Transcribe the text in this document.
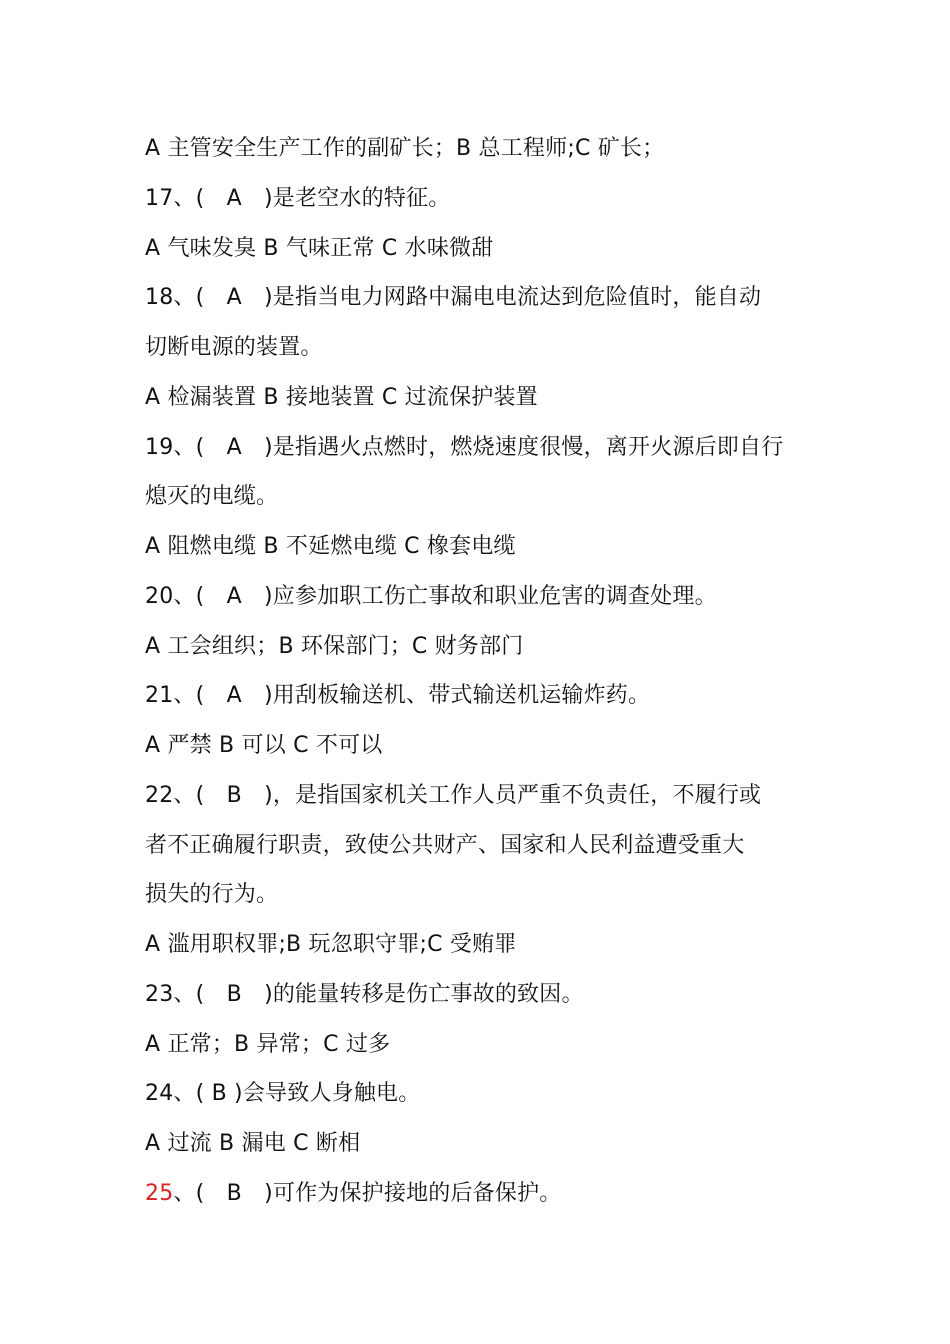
A 主管安全生产工作的副矿长；B 总工程师;C 矿长；
17、(　A　)是老空水的特征。
A 气味发臭 B 气味正常 C 水味微甜
18、(　A　)是指当电力网路中漏电电流达到危险值时，能自动
切断电源的装置。
A 检漏装置 B 接地装置 C 过流保护装置
19、(　A　)是指遇火点燃时，燃烧速度很慢，离开火源后即自行
熄灭的电缆。
A 阻燃电缆 B 不延燃电缆 C 橡套电缆
20、(　A　)应参加职工伤亡事故和职业危害的调查处理。
A 工会组织；B 环保部门；C 财务部门
21、(　A　)用刮板输送机、带式输送机运输炸药。
A 严禁 B 可以 C 不可以
22、(　B　)，是指国家机关工作人员严重不负责任，不履行或
者不正确履行职责，致使公共财产、国家和人民利益遭受重大
损失的行为。
A 滥用职权罪;B 玩忽职守罪;C 受贿罪
23、(　B　)的能量转移是伤亡事故的致因。
A 正常；B 异常；C 过多
24、( B )会导致人身触电。
A 过流 B 漏电 C 断相
25、(　B　)可作为保护接地的后备保护。
